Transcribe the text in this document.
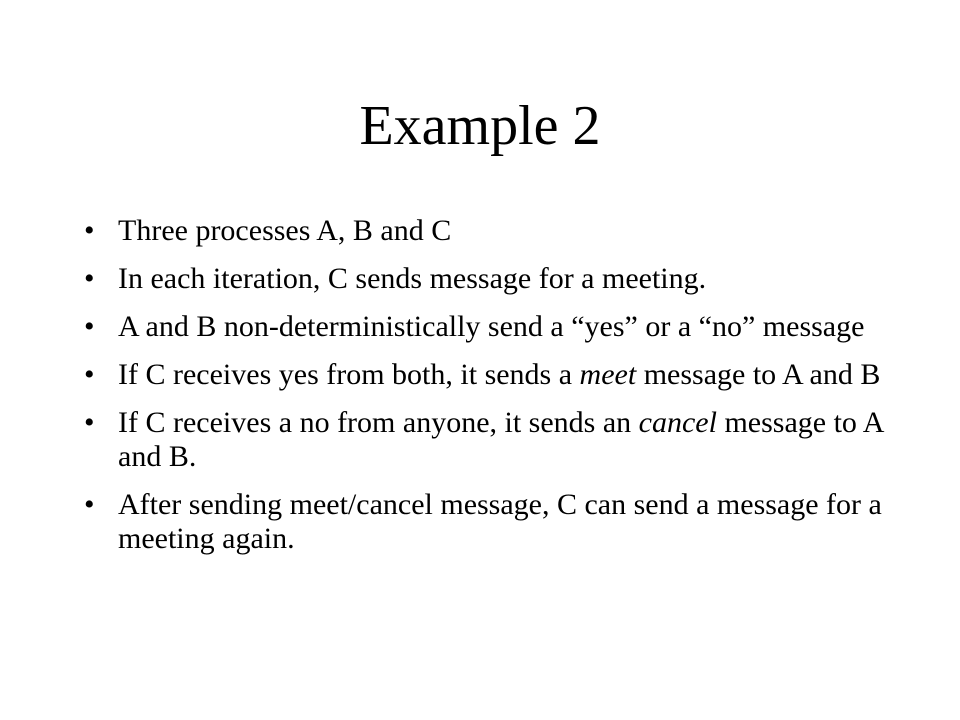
Example 2
• Three processes A, B and C
• In each iteration, C sends message for a meeting.
• A and B non-deterministically send a “yes” or a “no” message
• If C receives yes from both, it sends a meet message to A and B
• If C receives a no from anyone, it sends an cancel message to A and B.
• After sending meet/cancel message, C can send a message for a meeting again.
